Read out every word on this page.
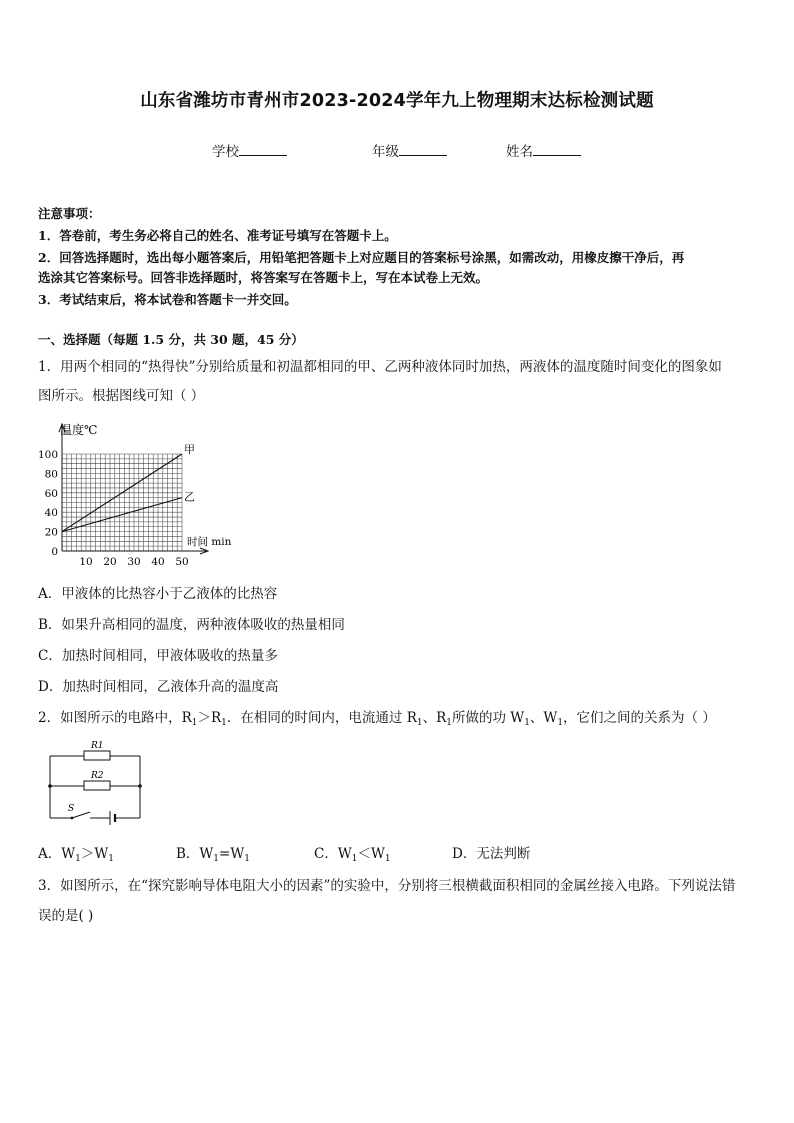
山东省潍坊市青州市2023-2024学年九上物理期末达标检测试题
学校	年级	姓名
注意事项：
1．答卷前，考生务必将自己的姓名、准考证号填写在答题卡上。
2．回答选择题时，选出每小题答案后，用铅笔把答题卡上对应题目的答案标号涂黑，如需改动，用橡皮擦干净后，再
选涂其它答案标号。回答非选择题时，将答案写在答题卡上，写在本试卷上无效。
3．考试结束后，将本试卷和答题卡一并交回。
一、选择题（每题 1.5 分，共 30 题，45 分）
1．用两个相同的“热得快”分别给质量和初温都相同的甲、乙两种液体同时加热，两液体的温度随时间变化的图象如
图所示。根据图线可知（ ）
0
20
40
60
80
100
10 20 30 40 50
甲
乙
温度℃
时间 min
A．甲液体的比热容小于乙液体的比热容
B．如果升高相同的温度，两种液体吸收的热量相同
C．加热时间相同，甲液体吸收的热量多
D．加热时间相同，乙液体升高的温度高
2．如图所示的电路中，$R_1>R_1$．在相同的时间内，电流通过 $R_1$、$R_1$所做的功 $W_1$、$W_1$，它们之间的关系为（ ）
R1
R2
S
A．$W_1>W_1$	B．$W_1=W_1$	C．$W_1<W_1$	D．无法判断
3．如图所示，在“探究影响导体电阻大小的因素”的实验中，分别将三根横截面积相同的金属丝接入电路。下列说法错
误的是( )
